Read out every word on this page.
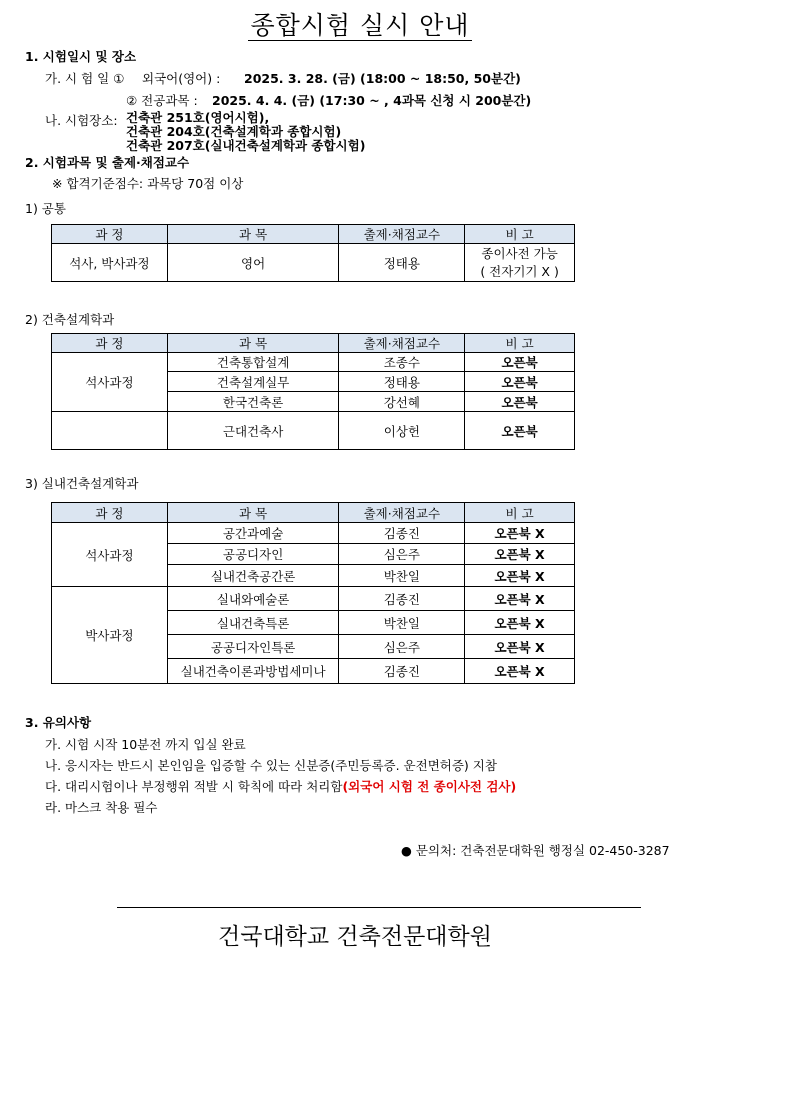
종합시험 실시 안내
1. 시험일시 및 장소
가. 시 험 일 ① 외국어(영어) : 2025. 3. 28. (금) (18:00 ~ 18:50, 50분간)
② 전공과목 : 2025. 4. 4. (금) (17:30 ~ , 4과목 신청 시 200분간)
나. 시험장소: 건축관 251호(영어시험),
건축관 204호(건축설계학과 종합시험)
건축관 207호(실내건축설계학과 종합시험)
2. 시험과목 및 출제·채점교수
※ 합격기준점수: 과목당 70점 이상
1) 공통
과 정	과 목	출제·채점교수	비 고
석사, 박사과정	영어	정태용	종이사전 가능
( 전자기기 X )
2) 건축설계학과
과 정	과 목	출제·채점교수	비 고
석사과정	건축통합설계	조종수	오픈북
	건축설계실무	정태용	오픈북
	한국건축론	강선혜	오픈북
	근대건축사	이상헌	오픈북
3) 실내건축설계학과
과 정	과 목	출제·채점교수	비 고
석사과정	공간과예술	김종진	오픈북 X
	공공디자인	심은주	오픈북 X
	실내건축공간론	박찬일	오픈북 X
박사과정	실내와예술론	김종진	오픈북 X
	실내건축특론	박찬일	오픈북 X
	공공디자인특론	심은주	오픈북 X
	실내건축이론과방법세미나	김종진	오픈북 X
3. 유의사항
가. 시험 시작 10분전 까지 입실 완료
나. 응시자는 반드시 본인임을 입증할 수 있는 신분증(주민등록증. 운전면허증) 지참
다. 대리시험이나 부정행위 적발 시 학칙에 따라 처리함(외국어 시험 전 종이사전 검사)
라. 마스크 착용 필수
● 문의처: 건축전문대학원 행정실 02-450-3287
건국대학교 건축전문대학원
